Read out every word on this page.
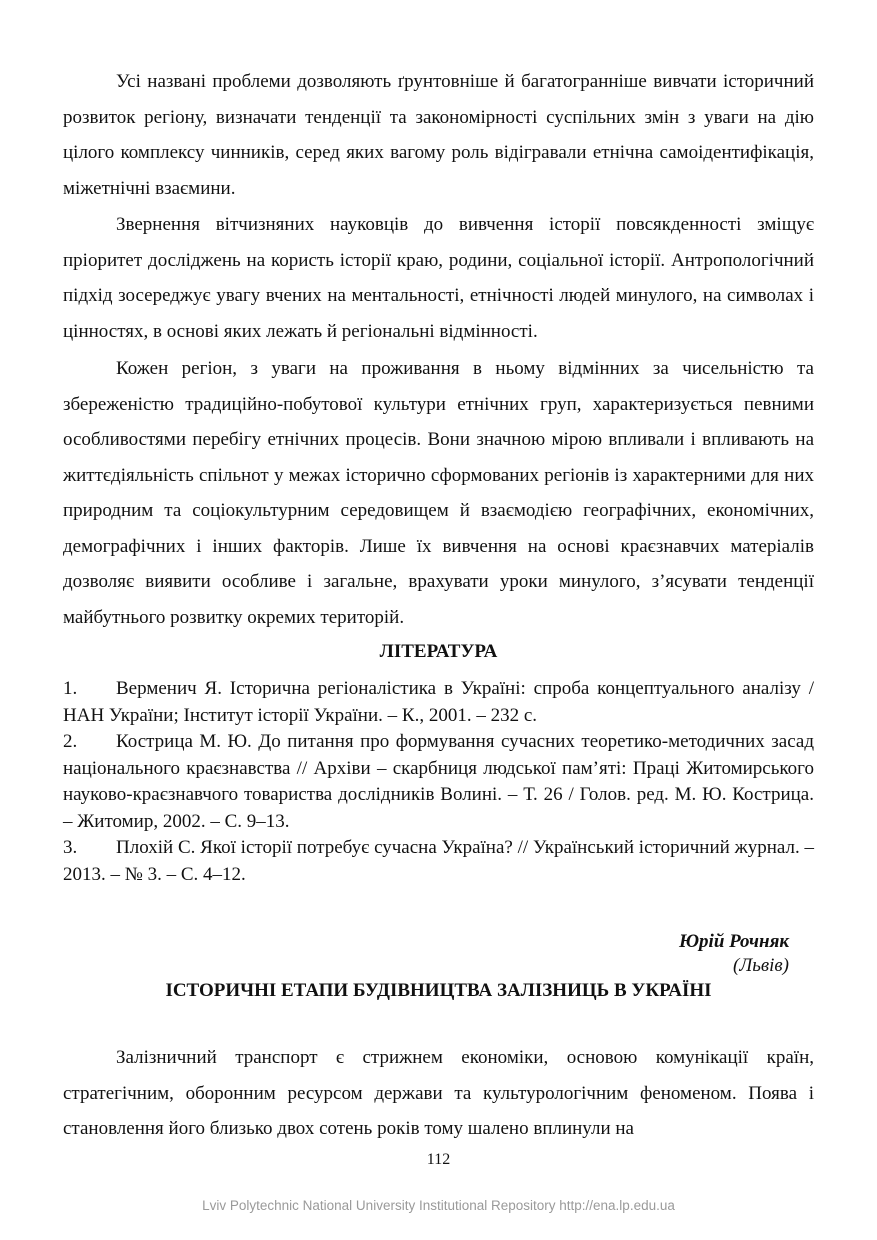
Усі названі проблеми дозволяють ґрунтовніше й багатограннiше вивчати історичний розвиток регіону, визначати тенденції та закономірності суспільних змін з уваги на дію цілого комплексу чинників, серед яких вагому роль відігравали етнічна самоідентифікація, міжетнічні взаємини.

Звернення вітчизняних науковців до вивчення історії повсякденності зміщує пріоритет досліджень на користь історії краю, родини, соціальної історії. Антропологічний підхід зосереджує увагу вчених на ментальності, етнічності людей минулого, на символах і цінностях, в основі яких лежать й регіональні відмінності.

Кожен регіон, з уваги на проживання в ньому відмінних за чисельністю та збереженістю традиційно-побутової культури етнічних груп, характеризується певними особливостями перебігу етнічних процесів. Вони значною мірою впливали і впливають на життєдіяльність спільнот у межах історично сформованих регіонів із характерними для них природним та соціокультурним середовищем й взаємодією географічних, економічних, демографічних і інших факторів. Лише їх вивчення на основі краєзнавчих матеріалів дозволяє виявити особливе і загальне, врахувати уроки минулого, з’ясувати тенденції майбутнього розвитку окремих територій.

ЛІТЕРАТУРА
1. Верменич Я. Історична регіоналістика в Україні: спроба концептуального аналізу / НАН України; Інститут історії України. – К., 2001. – 232 с.
2. Кострица М. Ю. До питання про формування сучасних теоретико-методичних засад національного краєзнавства // Архіви – скарбниця людської пам’яті: Праці Житомирського науково-краєзнавчого товариства дослідників Волині. – Т. 26 / Голов. ред. М. Ю. Кострица. – Житомир, 2002. – С. 9–13.
3. Плохій С. Якої історії потребує сучасна Україна? // Український історичний журнал. – 2013. – № 3. – С. 4–12.

Юрій Рочняк

(Львів)

ІСТОРИЧНІ ЕТАПИ БУДІВНИЦТВА ЗАЛІЗНИЦЬ В УКРАЇНІ

Залізничний транспорт є стрижнем економіки, основою комунікації країн, стратегічним, оборонним ресурсом держави та культурологічним феноменом. Поява і становлення його близько двох сотень років тому шалено вплинули на

112

Lviv Polytechnic National University Institutional Repository http://ena.lp.edu.ua
